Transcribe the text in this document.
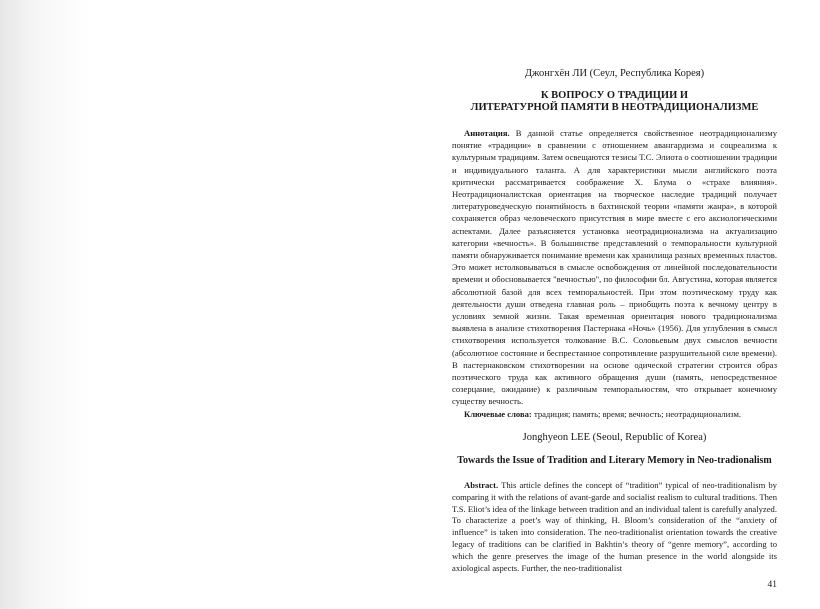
Джонгхён ЛИ (Сеул, Республика Корея)
К ВОПРОСУ О ТРАДИЦИИ И
ЛИТЕРАТУРНОЙ ПАМЯТИ В НЕОТРАДИЦИОНАЛИЗМЕ
Аннотация. В данной статье определяется свойственное неотрадиционализму понятие «традиции» в сравнении с отношением авангардизма и соцреализма к культурным традициям. Затем освещаются тезисы Т.С. Элиота о соотношении традиции и индивидуального таланта. А для характеристики мысли английского поэта критически рассматривается соображение Х. Блума о «страхе влияния». Неотрадиционалистская ориентация на творческое наследие традиций получает литературоведческую понятийность в бахтинской теории «памяти жанра», в которой сохраняется образ человеческого присутствия в мире вместе с его аксиологическими аспектами. Далее разъясняется установка неотрадиционализма на актуализацию категории «вечность». В большинстве представлений о темпоральности культурной памяти обнаруживается понимание времени как хранилища разных временных пластов. Это может истолковываться в смысле освобождения от линейной последовательности времени и обосновывается "вечностью", по философии бл. Августина, которая является абсолютной базой для всех темпоральностей. При этом поэтическому труду как деятельности души отведена главная роль – приобщить поэта к вечному центру в условиях земной жизни. Такая временная ориентация нового традиционализма выявлена в анализе стихотворения Пастернака «Ночь» (1956). Для углубления в смысл стихотворения используется толкование В.С. Соловьевым двух смыслов вечности (абсолютное состояние и беспрестанное сопротивление разрушительной силе времени). В пастернаковском стихотворении на основе одической стратегии строится образ поэтического труда как активного обращения души (память, непосредственное созерцание, ожидание) к различным темпоральностям, что открывает конечному существу вечность.
Ключевые слова: традиция; память; время; вечность; неотрадиционализм.
Jonghyeon LEE (Seoul, Republic of Korea)
Towards the Issue of Tradition and Literary Memory in Neo-tradionalism
Abstract. This article defines the concept of “tradition” typical of neo-traditionalism by comparing it with the relations of avant-garde and socialist realism to cultural traditions. Then T.S. Eliot’s idea of the linkage between tradition and an individual talent is carefully analyzed. To characterize a poet’s way of thinking, H. Bloom’s consideration of the “anxiety of influence” is taken into consideration. The neo-traditionalist orientation towards the creative legacy of traditions can be clarified in Bakhtin’s theory of “genre memory”, according to which the genre preserves the image of the human presence in the world alongside its axiological aspects. Further, the neo-traditionalist
41
